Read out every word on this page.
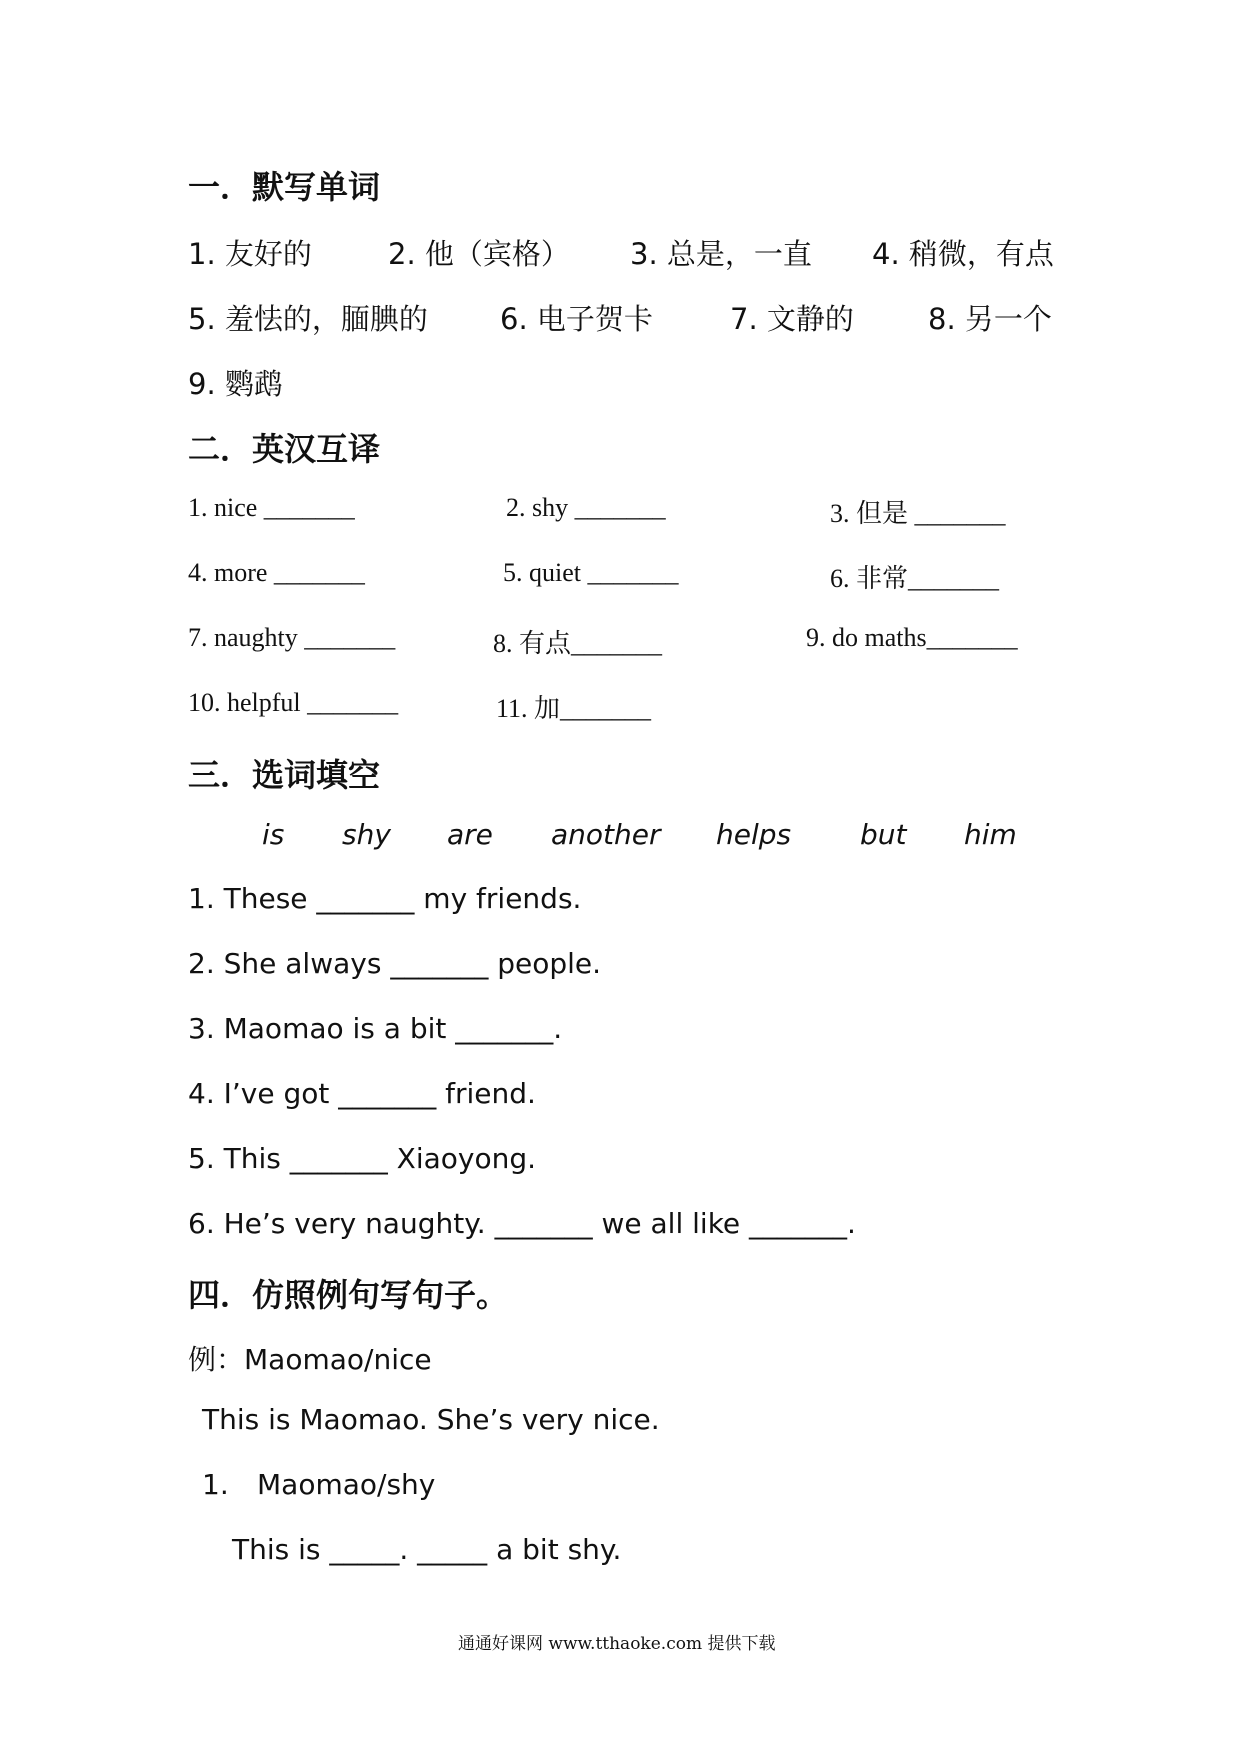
一．默写单词
1. 友好的	2. 他（宾格） 3. 总是，一直 4. 稍微，有点
5. 羞怯的，腼腆的 6. 电子贺卡	7. 文静的	8. 另一个
9. 鹦鹉
二．英汉互译
1. nice _______	2. shy _______	3. 但是 _______
4. more _______	5. quiet _______	6. 非常_______
7. naughty _______	8. 有点_______	9. do maths_______
10. helpful _______	11. 加_______
三．选词填空
is shy are another helps but him
1. These _______ my friends.
2. She always _______ people.
3. Maomao is a bit _______.
4. I’ve got _______ friend.
5. This _______ Xiaoyong.
6. He’s very naughty. _______ we all like _______.
四．仿照例句写句子。
例：Maomao/nice
This is Maomao. She’s very nice.
1. Maomao/shy
This is _____. _____ a bit shy.
通通好课网 www.tthaoke.com 提供下载
